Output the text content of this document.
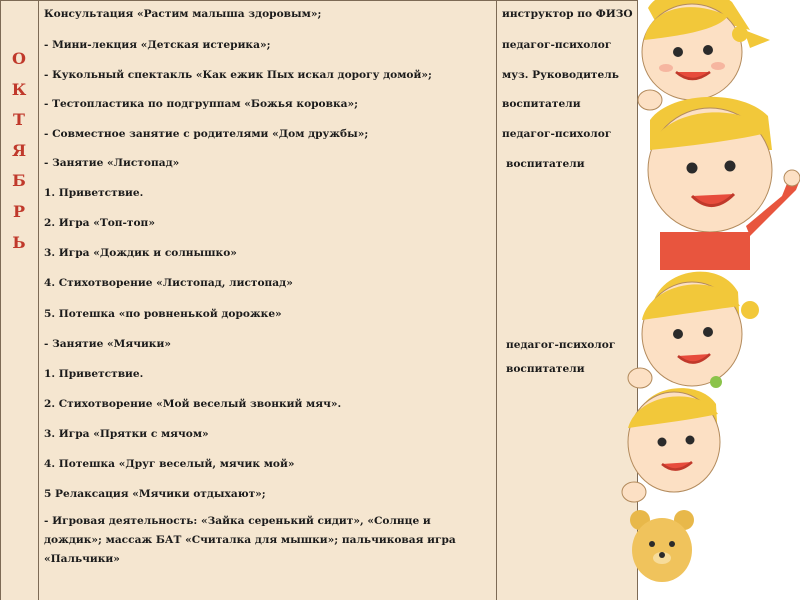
О
К
Т
Я
Б
Р
Ь
Консультация «Растим малыша здоровым»;
- Мини-лекция «Детская истерика»;
- Кукольный спектакль «Как ежик Пых искал дорогу домой»;
- Тестопластика по подгруппам «Божья коровка»;
- Совместное занятие с родителями «Дом дружбы»;
- Занятие «Листопад»
1. Приветствие.
2. Игра «Топ-топ»
3. Игра «Дождик и солнышко»
4. Стихотворение «Листопад, листопад»
5. Потешка «по ровненькой дорожке»
- Занятие «Мячики»
1. Приветствие.
2. Стихотворение «Мой веселый звонкий мяч».
3. Игра «Прятки с мячом»
4. Потешка «Друг веселый, мячик мой»
5 Релаксация «Мячики отдыхают»;
- Игровая деятельность: «Зайка серенький сидит», «Солнце и дождик»; массаж БАТ «Считалка для мышки»; пальчиковая игра «Пальчики»
инструктор по ФИЗО
педагог-психолог
муз. Руководитель
воспитатели
педагог-психолог
воспитатели
педагог-психолог
воспитатели
